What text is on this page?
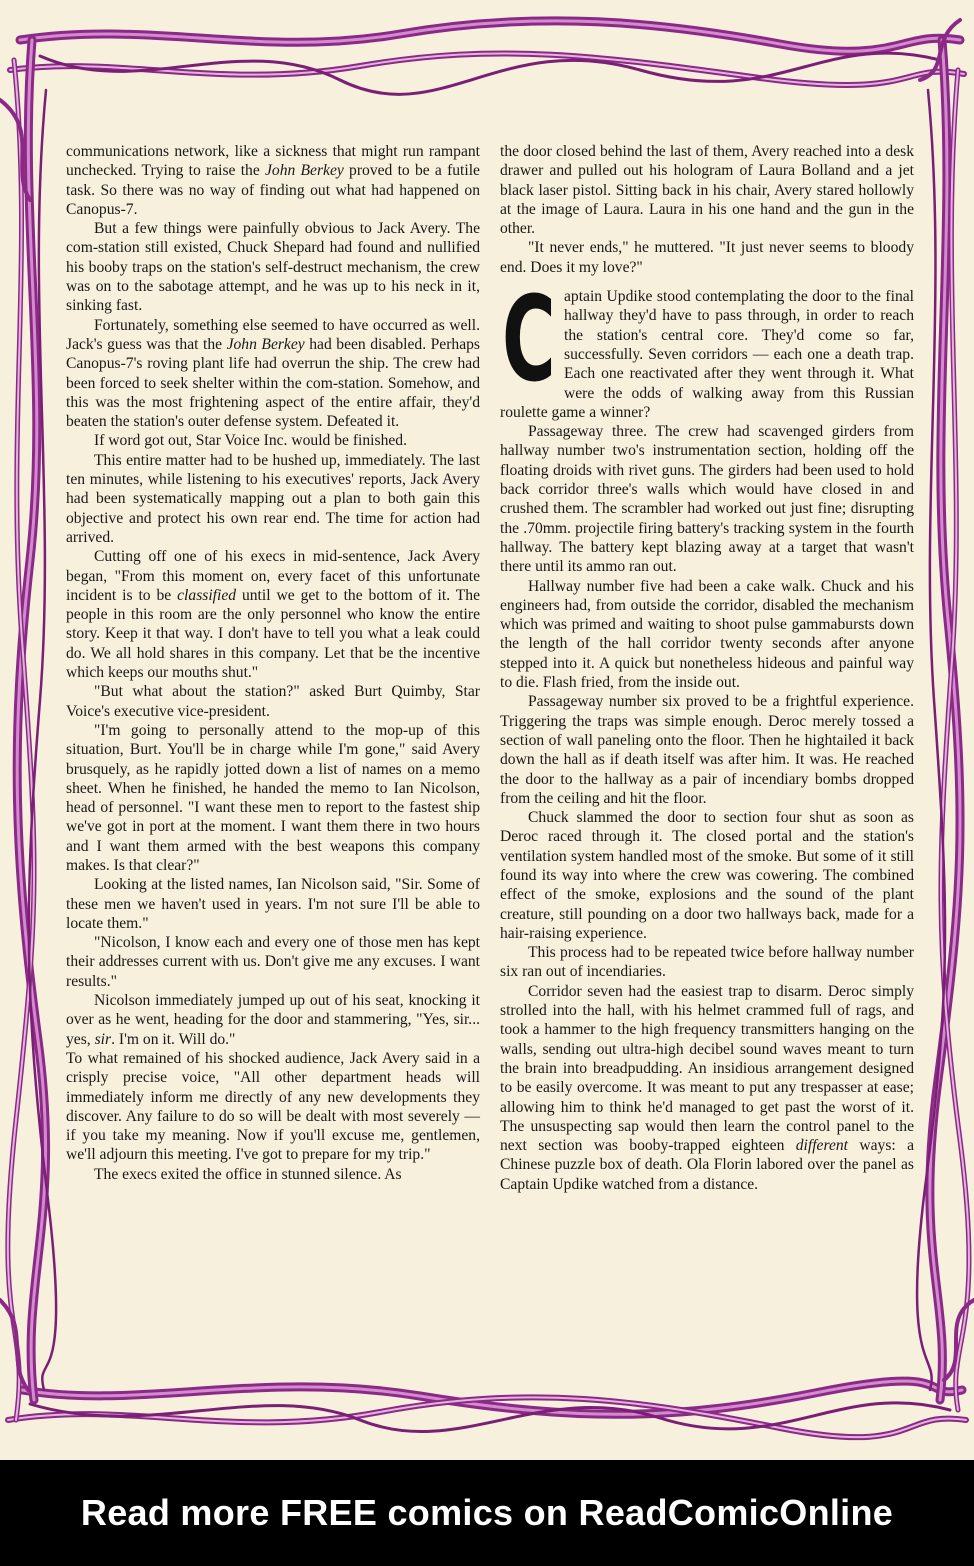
communications network, like a sickness that might run rampant unchecked. Trying to raise the John Berkey proved to be a futile task. So there was no way of finding out what had happened on Canopus-7.

But a few things were painfully obvious to Jack Avery. The com-station still existed, Chuck Shepard had found and nullified his booby traps on the station's self-destruct mechanism, the crew was on to the sabotage attempt, and he was up to his neck in it, sinking fast.

Fortunately, something else seemed to have occurred as well. Jack's guess was that the John Berkey had been disabled. Perhaps Canopus-7's roving plant life had overrun the ship. The crew had been forced to seek shelter within the com-station. Somehow, and this was the most frightening aspect of the entire affair, they'd beaten the station's outer defense system. Defeated it.

If word got out, Star Voice Inc. would be finished.

This entire matter had to be hushed up, immediately. The last ten minutes, while listening to his executives' reports, Jack Avery had been systematically mapping out a plan to both gain this objective and protect his own rear end. The time for action had arrived.

Cutting off one of his execs in mid-sentence, Jack Avery began, "From this moment on, every facet of this unfortunate incident is to be classified until we get to the bottom of it. The people in this room are the only personnel who know the entire story. Keep it that way. I don't have to tell you what a leak could do. We all hold shares in this company. Let that be the incentive which keeps our mouths shut."

"But what about the station?" asked Burt Quimby, Star Voice's executive vice-president.

"I'm going to personally attend to the mop-up of this situation, Burt. You'll be in charge while I'm gone," said Avery brusquely, as he rapidly jotted down a list of names on a memo sheet. When he finished, he handed the memo to Ian Nicolson, head of personnel. "I want these men to report to the fastest ship we've got in port at the moment. I want them there in two hours and I want them armed with the best weapons this company makes. Is that clear?"

Looking at the listed names, Ian Nicolson said, "Sir. Some of these men we haven't used in years. I'm not sure I'll be able to locate them."

"Nicolson, I know each and every one of those men has kept their addresses current with us. Don't give me any excuses. I want results."

Nicolson immediately jumped up out of his seat, knocking it over as he went, heading for the door and stammering, "Yes, sir... yes, sir. I'm on it. Will do."

To what remained of his shocked audience, Jack Avery said in a crisply precise voice, "All other department heads will immediately inform me directly of any new developments they discover. Any failure to do so will be dealt with most severely — if you take my meaning. Now if you'll excuse me, gentlemen, we'll adjourn this meeting. I've got to prepare for my trip."

The execs exited the office in stunned silence. As

the door closed behind the last of them, Avery reached into a desk drawer and pulled out his hologram of Laura Bolland and a jet black laser pistol. Sitting back in his chair, Avery stared hollowly at the image of Laura. Laura in his one hand and the gun in the other.

"It never ends," he muttered. "It just never seems to bloody end. Does it my love?"

C aptain Updike stood contemplating the door to the final hallway they'd have to pass through, in order to reach the station's central core. They'd come so far, successfully. Seven corridors — each one a death trap. Each one reactivated after they went through it. What were the odds of walking away from this Russian roulette game a winner?

Passageway three. The crew had scavenged girders from hallway number two's instrumentation section, holding off the floating droids with rivet guns. The girders had been used to hold back corridor three's walls which would have closed in and crushed them. The scrambler had worked out just fine; disrupting the .70mm. projectile firing battery's tracking system in the fourth hallway. The battery kept blazing away at a target that wasn't there until its ammo ran out.

Hallway number five had been a cake walk. Chuck and his engineers had, from outside the corridor, disabled the mechanism which was primed and waiting to shoot pulse gammabursts down the length of the hall corridor twenty seconds after anyone stepped into it. A quick but nonetheless hideous and painful way to die. Flash fried, from the inside out.

Passageway number six proved to be a frightful experience. Triggering the traps was simple enough. Deroc merely tossed a section of wall paneling onto the floor. Then he hightailed it back down the hall as if death itself was after him. It was. He reached the door to the hallway as a pair of incendiary bombs dropped from the ceiling and hit the floor.

Chuck slammed the door to section four shut as soon as Deroc raced through it. The closed portal and the station's ventilation system handled most of the smoke. But some of it still found its way into where the crew was cowering. The combined effect of the smoke, explosions and the sound of the plant creature, still pounding on a door two hallways back, made for a hair-raising experience.

This process had to be repeated twice before hallway number six ran out of incendiaries.

Corridor seven had the easiest trap to disarm. Deroc simply strolled into the hall, with his helmet crammed full of rags, and took a hammer to the high frequency transmitters hanging on the walls, sending out ultra-high decibel sound waves meant to turn the brain into breadpudding. An insidious arrangement designed to be easily overcome. It was meant to put any trespasser at ease; allowing him to think he'd managed to get past the worst of it. The unsuspecting sap would then learn the control panel to the next section was booby-trapped eighteen different ways: a Chinese puzzle box of death. Ola Florin labored over the panel as Captain Updike watched from a distance.

Read more FREE comics on ReadComicOnline
